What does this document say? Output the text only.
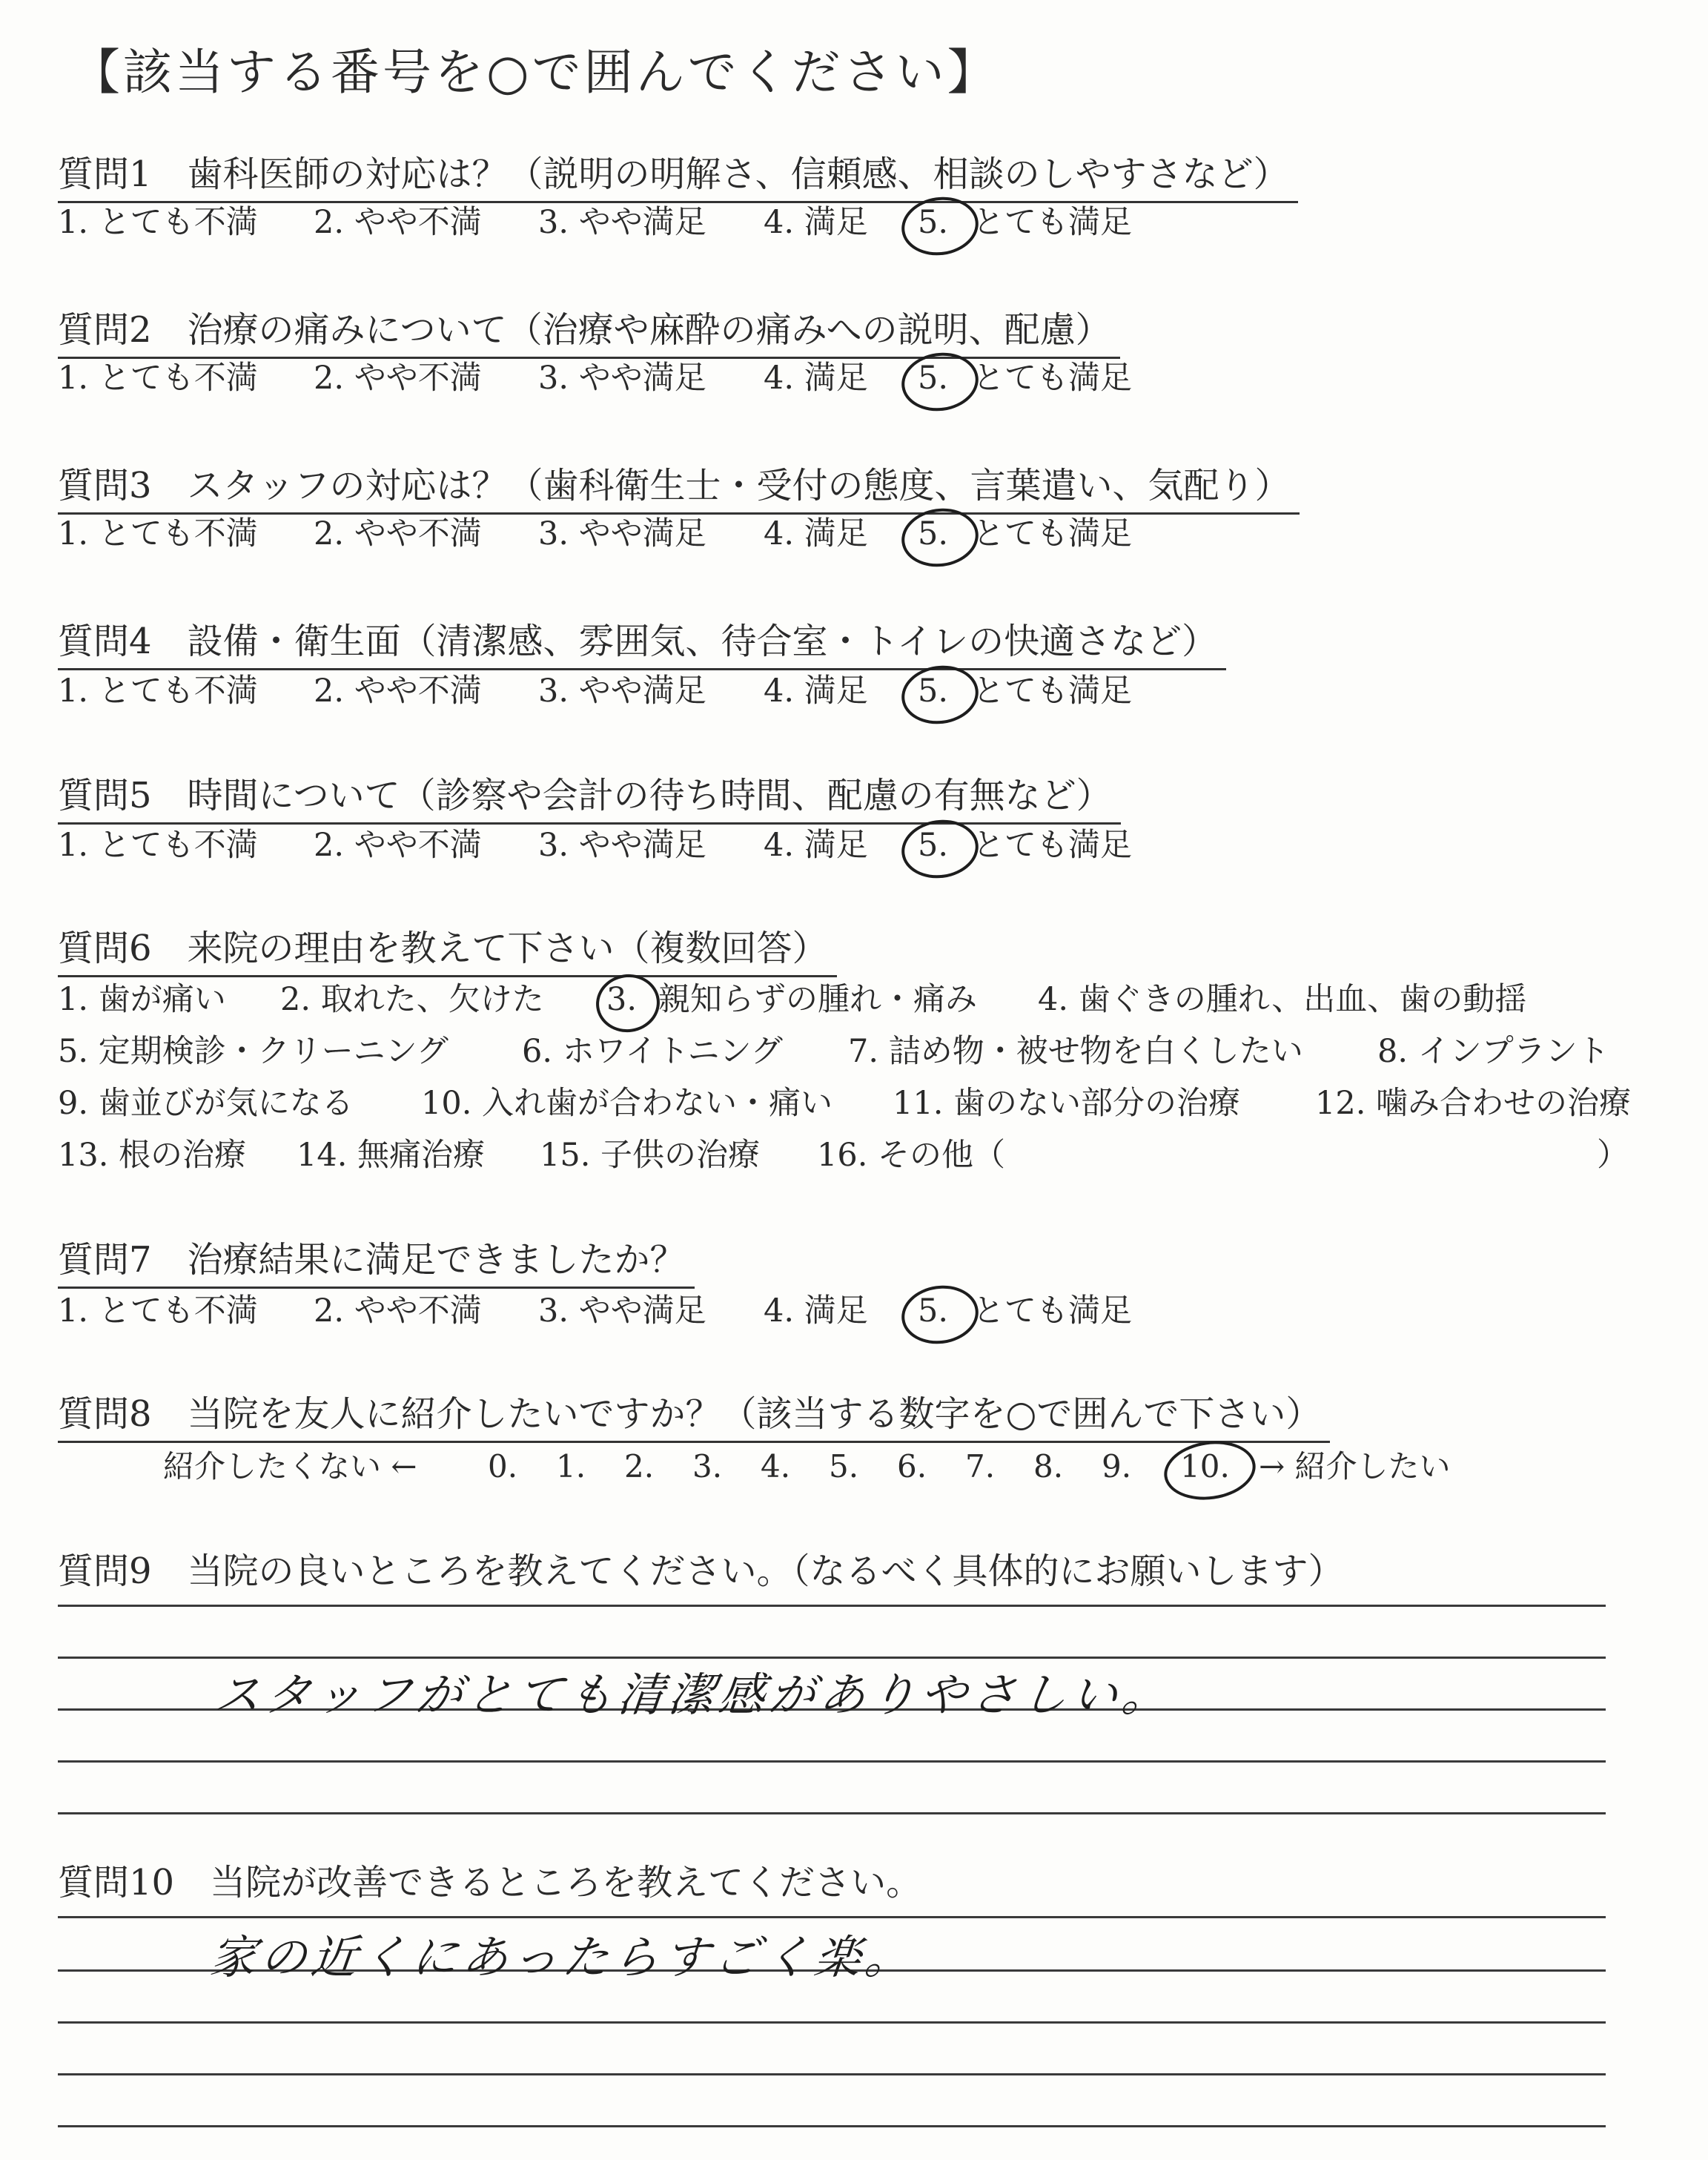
【該当する番号を○で囲んでください】
質問1　歯科医師の対応は？（説明の明解さ、信頼感、相談のしやすさなど）
1. とても不満 2. やや不満 3. やや満足 4. 満足 5. とても満足
質問2　治療の痛みについて（治療や麻酔の痛みへの説明、配慮）
1. とても不満 2. やや不満 3. やや満足 4. 満足 5. とても満足
質問3　スタッフの対応は？（歯科衛生士・受付の態度、言葉遣い、気配り）
1. とても不満 2. やや不満 3. やや満足 4. 満足 5. とても満足
質問4　設備・衛生面（清潔感、雰囲気、待合室・トイレの快適さなど）
1. とても不満 2. やや不満 3. やや満足 4. 満足 5. とても満足
質問5　時間について（診察や会計の待ち時間、配慮の有無など）
1. とても不満 2. やや不満 3. やや満足 4. 満足 5. とても満足
質問6　来院の理由を教えて下さい（複数回答）
1. 歯が痛い 2. 取れた、欠けた 3. 親知らずの腫れ・痛み 4. 歯ぐきの腫れ、出血、歯の動揺
5. 定期検診・クリーニング 6. ホワイトニング 7. 詰め物・被せ物を白くしたい 8. インプラント
9. 歯並びが気になる 10. 入れ歯が合わない・痛い 11. 歯のない部分の治療 12. 噛み合わせの治療
13. 根の治療 14. 無痛治療 15. 子供の治療 16. その他（	）
質問7　治療結果に満足できましたか？
1. とても不満 2. やや不満 3. やや満足 4. 満足 5. とても満足
質問8　当院を友人に紹介したいですか？（該当する数字を○で囲んで下さい）
紹介したくない ← 0. 1. 2. 3. 4. 5. 6. 7. 8. 9. 10. → 紹介したい
質問9　当院の良いところを教えてください。（なるべく具体的にお願いします）
スタッフがとても清潔感がありやさしい。
質問10　当院が改善できるところを教えてください。
家の近くにあったらすごく楽。
